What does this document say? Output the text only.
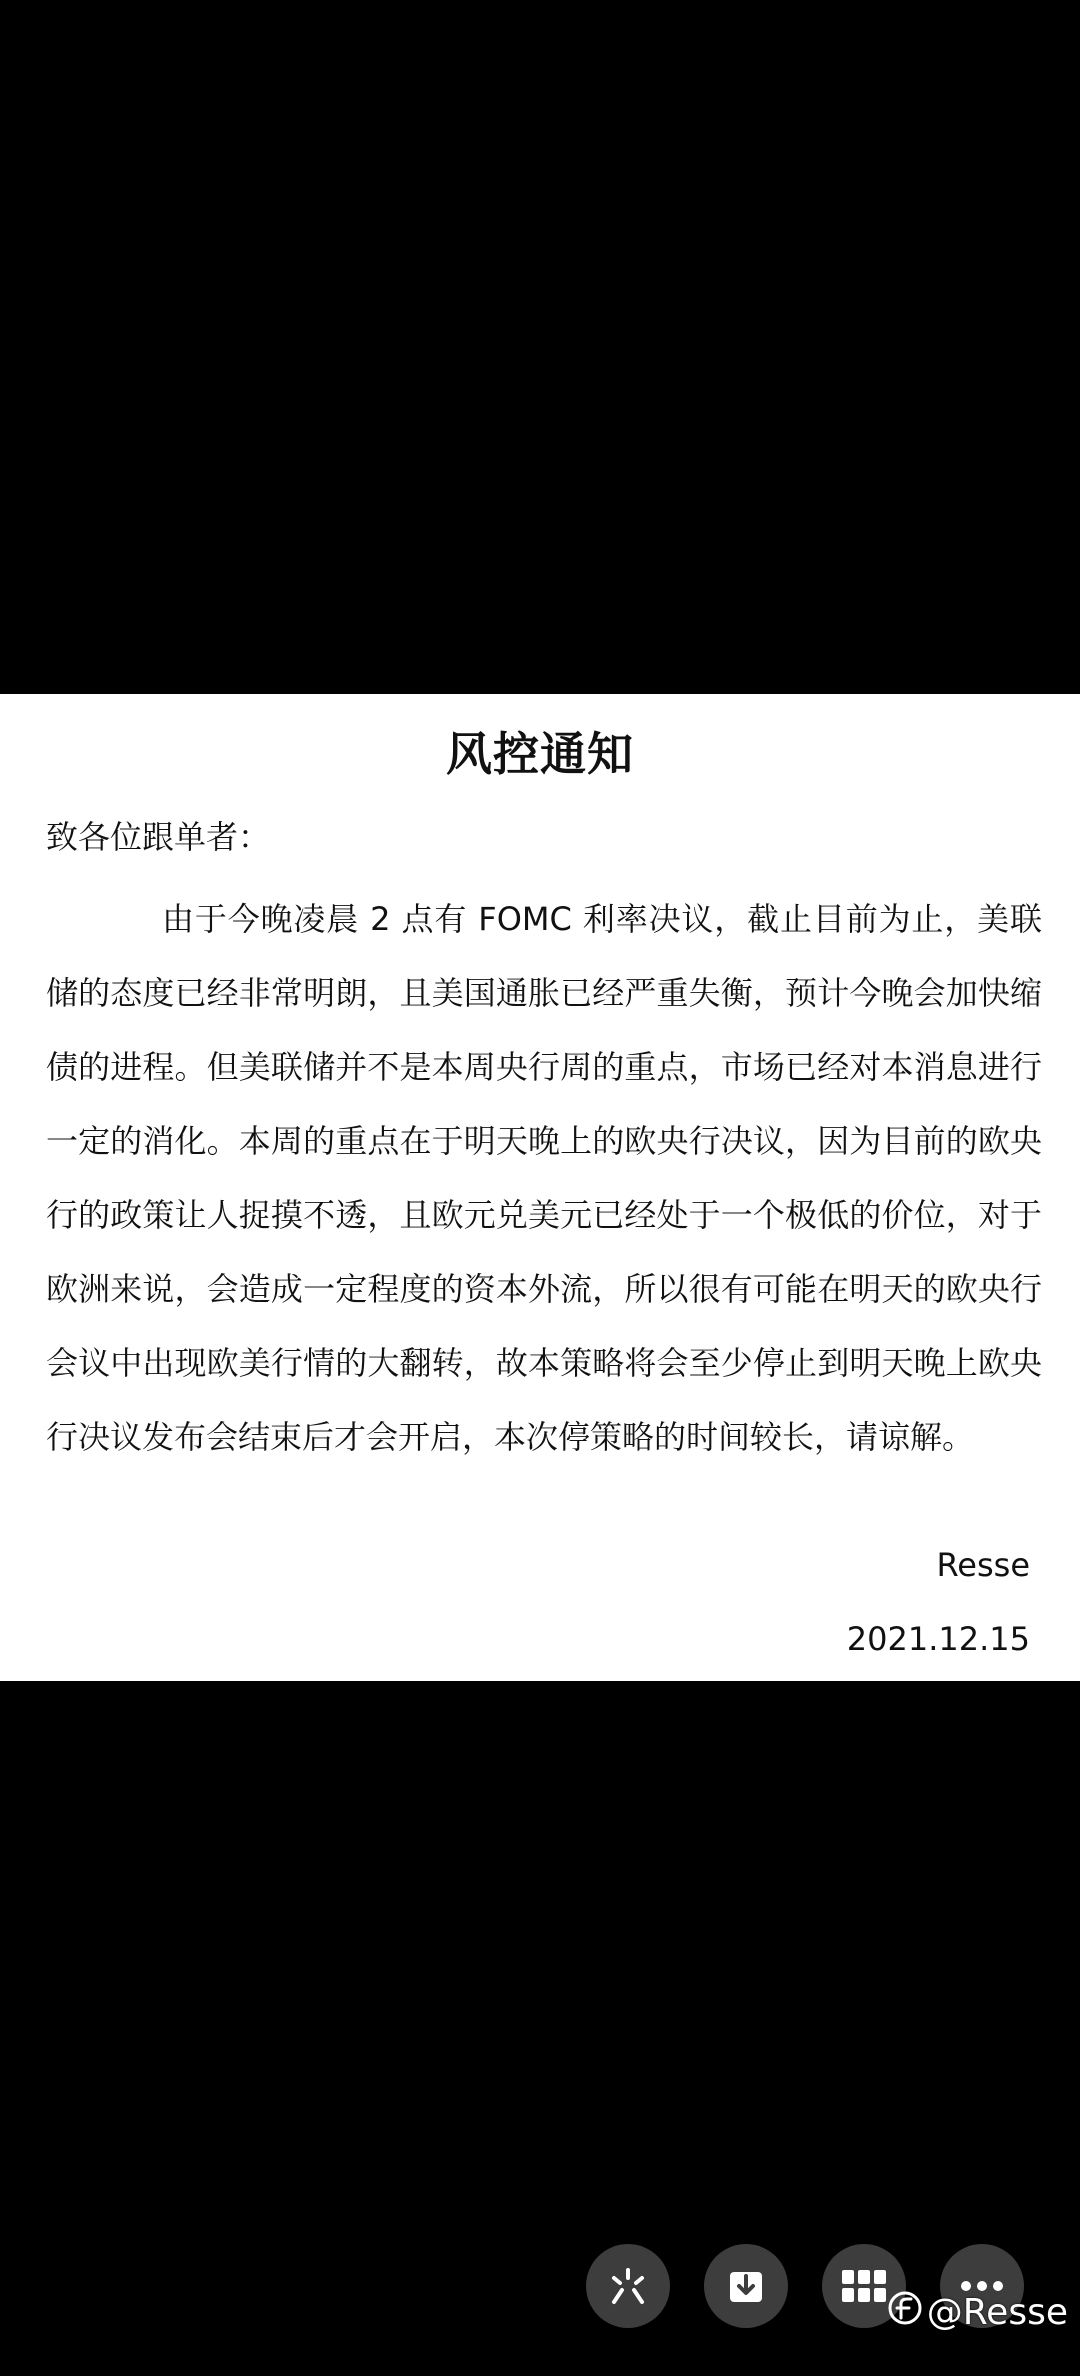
风控通知
致各位跟单者：

由于今晚凌晨 2 点有 FOMC 利率决议，截止目前为止，美联储的态度已经非常明朗，且美国通胀已经严重失衡，预计今晚会加快缩债的进程。但美联储并不是本周央行周的重点，市场已经对本消息进行一定的消化。本周的重点在于明天晚上的欧央行决议，因为目前的欧央行的政策让人捉摸不透，且欧元兑美元已经处于一个极低的价位，对于欧洲来说，会造成一定程度的资本外流，所以很有可能在明天的欧央行会议中出现欧美行情的大翻转，故本策略将会至少停止到明天晚上欧央行决议发布会结束后才会开启，本次停策略的时间较长，请谅解。

Resse
2021.12.15
@Resse
